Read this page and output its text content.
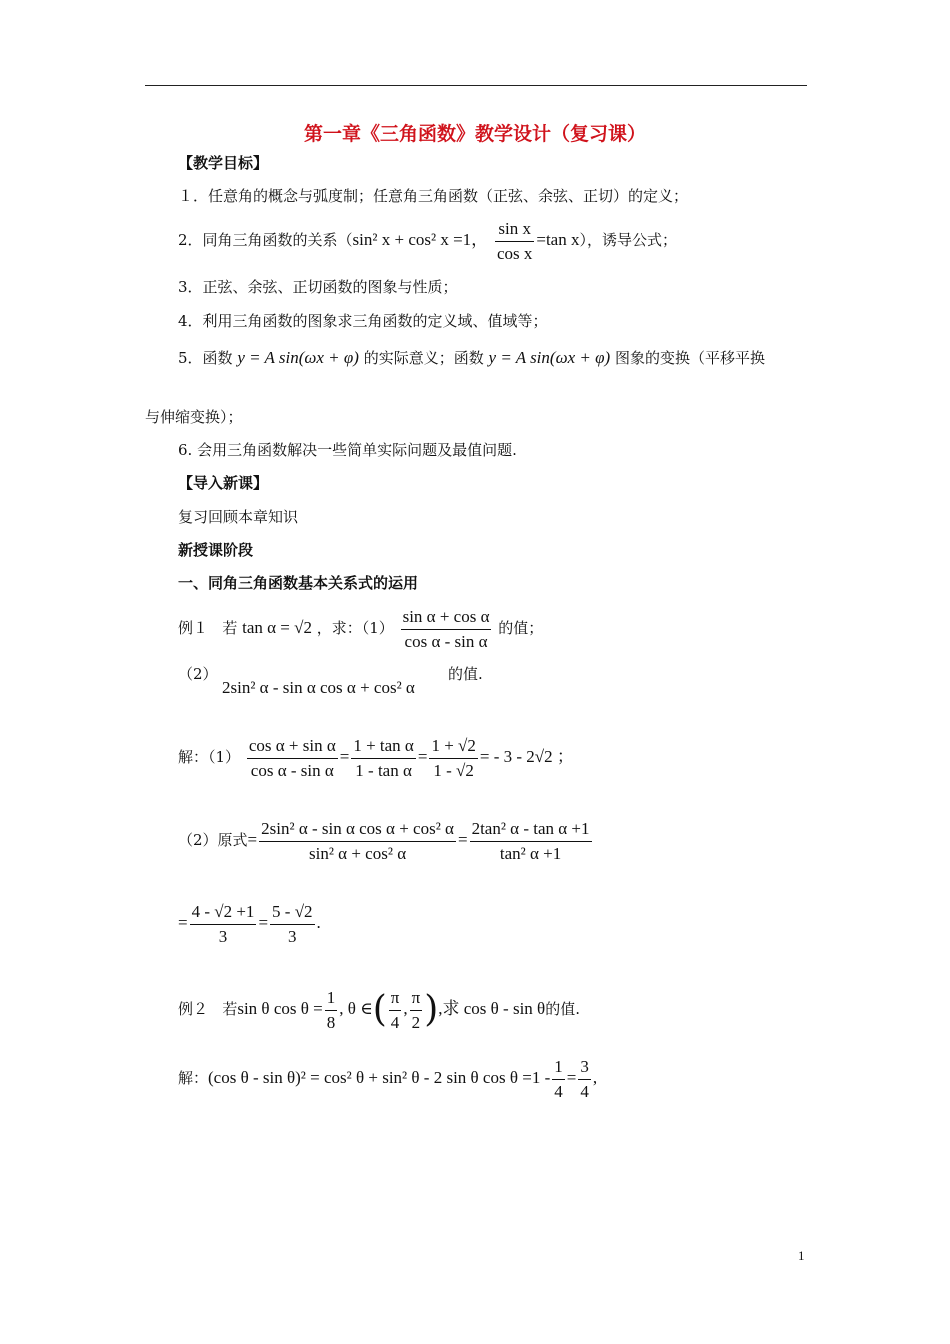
第一章《三角函数》教学设计（复习课）
【教学目标】
１．任意角的概念与弧度制；任意角三角函数（正弦、余弦、正切）的定义；
2．同角三角函数的关系（sin² x + cos² x =1， $\frac{\text{sin x}}{\text{cos x}} =\tan$ x），诱导公式；
3．正弦、余弦、正切函数的图象与性质；
4．利用三角函数的图象求三角函数的定义域、值域等；
5．函数 y = A sin(ωx + φ) 的实际意义；函数 y = A sin(ωx + φ) 图象的变换（平移平换
与伸缩变换）；
6. 会用三角函数解决一些简单实际问题及最值问题.
【导入新课】
复习回顾本章知识
新授课阶段
一、同角三角函数基本关系式的运用
例１ 若 tan α = √2 ，求：$(1) \frac{\text{sin α + cos α}}{\text{cos α - sin α}}$ 的值；
（2）
2sin² α - sin α cos α + cos² α
的值.
解：$(1) \frac{\text{cos α + sin α}}{\text{cos α - sin α}} = \frac{\text{1 + tan α}}{\text{1 - tan α}} = \frac{1 + √2}{1 - √2}$ = - 3 - 2√2 ；
（2）原式= $\frac{\text{2sin² α - sin α cos α + cos² α}}{\text{sin² α + cos² α}} = \frac{\text{2tan² α - tan α +1}}{\text{tan² α +1}}$
= $\frac{4 - √2 +1}{3} = \frac{5 - √2}{3}$ .
例２ 若sin θ $\cos \theta = \frac{1}{8}$ , θ ∈( $\frac{\pi}{4}$ , $\frac{\pi}{2}$ ),求 cos θ - sin θ的值.
解：(cos θ - sin θ)² = cos² θ + sin² θ - 2 sin θ $\cos \theta =1 - \frac{1}{4} = \frac{3}{4}$ ,
1
